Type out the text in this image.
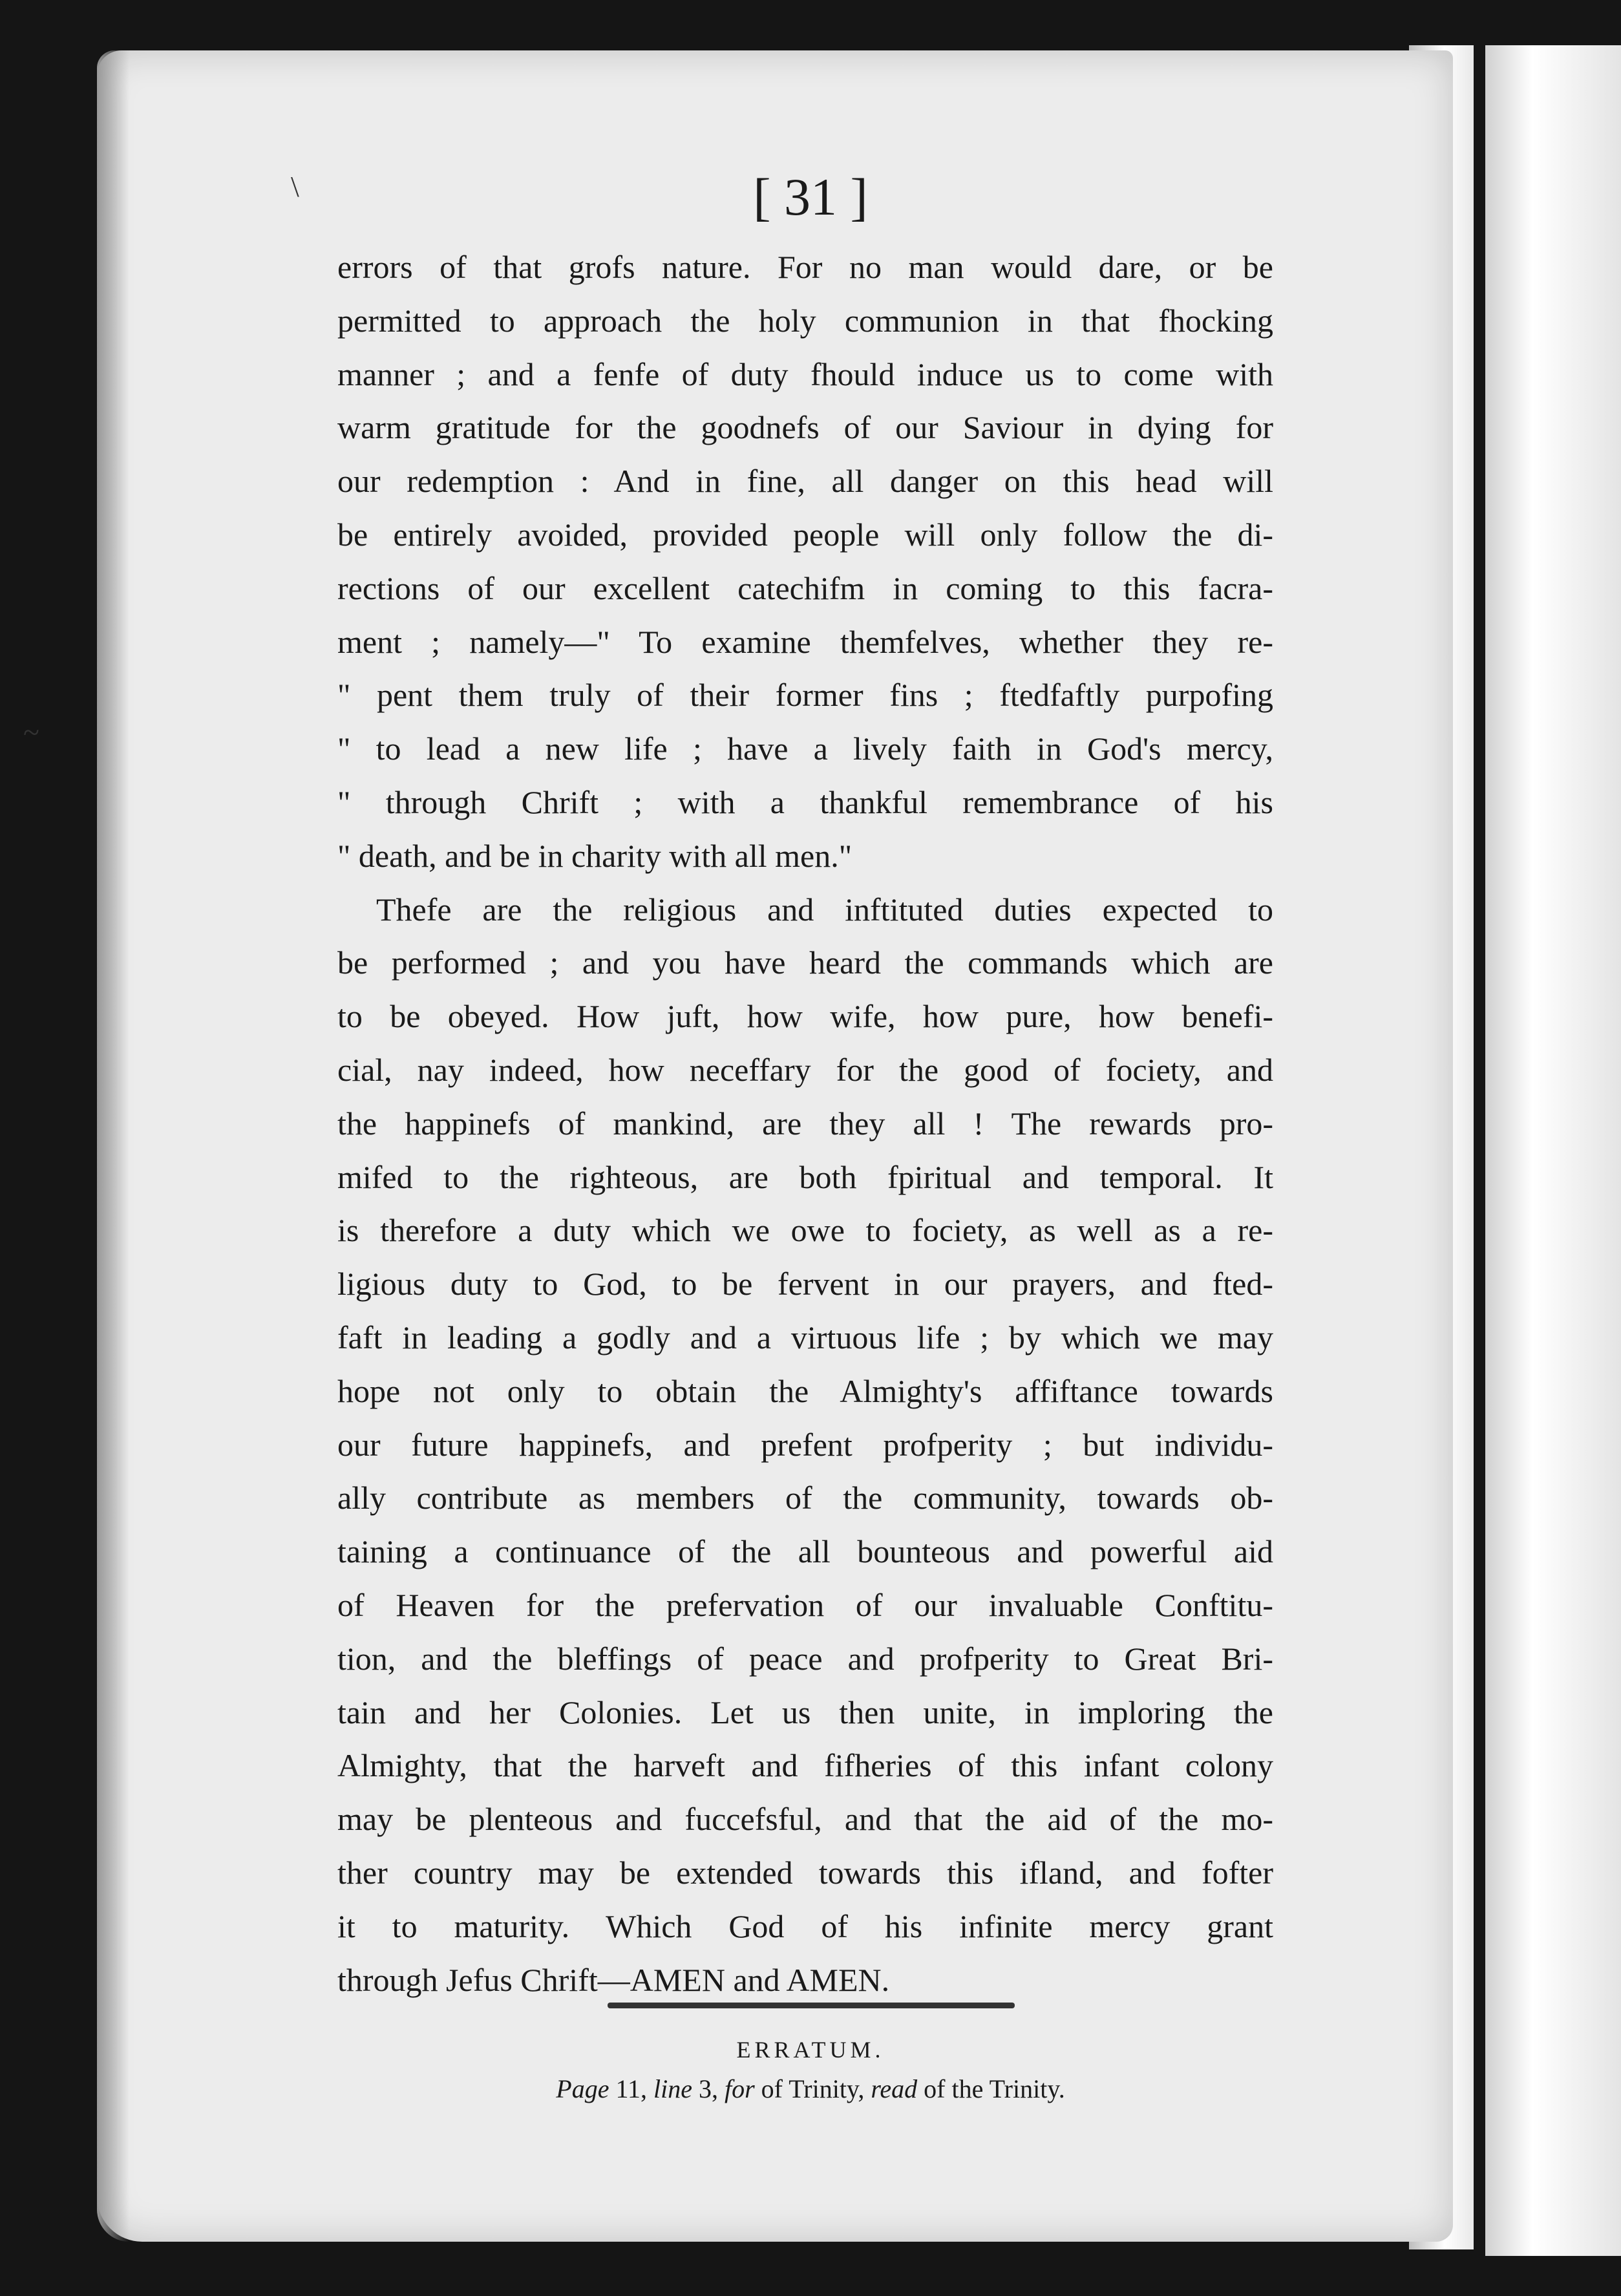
\
~
[ 31 ]
errors of that grofs nature. For no man would dare, or be
permitted to approach the holy communion in that fhocking
manner ; and a fenfe of duty fhould induce us to come with
warm gratitude for the goodnefs of our Saviour in dying for
our redemption : And in fine, all danger on this head will
be entirely avoided, provided people will only follow the di-
rections of our excellent catechifm in coming to this facra-
ment ; namely—" To examine themfelves, whether they re-
" pent them truly of their former fins ; ftedfaftly purpofing
" to lead a new life ; have a lively faith in God's mercy,
" through Chrift ; with a thankful remembrance of his
" death, and be in charity with all men."
Thefe are the religious and inftituted duties expected to
be performed ; and you have heard the commands which are
to be obeyed. How juft, how wife, how pure, how benefi-
cial, nay indeed, how neceffary for the good of fociety, and
the happinefs of mankind, are they all ! The rewards pro-
mifed to the righteous, are both fpiritual and temporal. It
is therefore a duty which we owe to fociety, as well as a re-
ligious duty to God, to be fervent in our prayers, and fted-
faft in leading a godly and a virtuous life ; by which we may
hope not only to obtain the Almighty's affiftance towards
our future happinefs, and prefent profperity ; but individu-
ally contribute as members of the community, towards ob-
taining a continuance of the all bounteous and powerful aid
of Heaven for the prefervation of our invaluable Conftitu-
tion, and the bleffings of peace and profperity to Great Bri-
tain and her Colonies. Let us then unite, in imploring the
Almighty, that the harveft and fifheries of this infant colony
may be plenteous and fuccefsful, and that the aid of the mo-
ther country may be extended towards this ifland, and fofter
it to maturity. Which God of his infinite mercy grant
through Jefus Chrift—AMEN and AMEN.
ERRATUM.
Page 11, line 3, for of Trinity, read of the Trinity.
